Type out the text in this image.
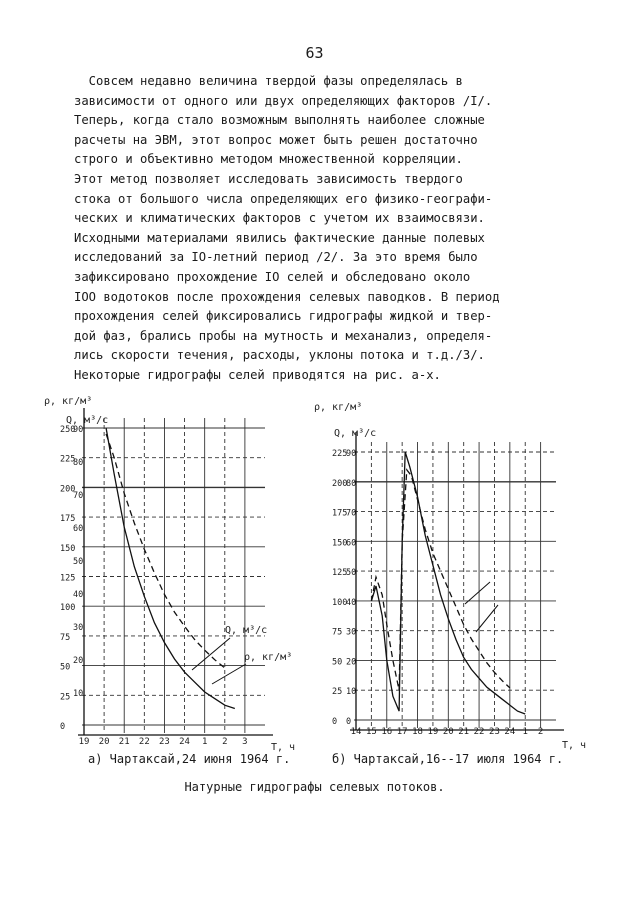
63
Совсем недавно величина твердой фазы определялась в
зависимости от одного или двух определяющих факторов /I/.
Теперь, когда стало возможным выполнять наиболее сложные
расчеты на ЭВМ, этот вопрос может быть решен достаточно
строго и объективно методом множественной корреляции.
Этот метод позволяет исследовать зависимость твердого
стока от большого числа определяющих его физико-географи-
ческих и климатических факторов с учетом их взаимосвязи.
Исходными материалами явились фактические данные полевых
исследований за IO-летний период /2/. За это время было
зафиксировано прохождение IO селей и обследовано около
IOO водотоков после прохождения селевых паводков. В период
прохождения селей фиксировались гидрографы жидкой и твер-
дой фаз, брались пробы на мутность и механализ, определя-
лись скорости течения, расходы, уклоны потока и т.д./3/.
Некоторые гидрографы селей приводятся на рис. а-х.
250
225
200
175
150
125
100
75
50
25
0
90
80
70
60
50
40
30
20
10
19 20 21 22 23 24 1 2 3
ρ, кг/м³
Q, м³/с
T, ч
Q, м³/с
ρ, кг/м³
225
200
175
150
125
100
75
50
25
0
90
80
70
60
50
40
30
20
10
0
14 15 16 17 18 19 20 21 22 23 24 1 2
ρ, кг/м³
Q, м³/с
T, ч
а) Чартаксай,24 июня 1964 г.	б) Чартаксай,16--17 июля 1964 г.
Натурные гидрографы селевых потоков.
